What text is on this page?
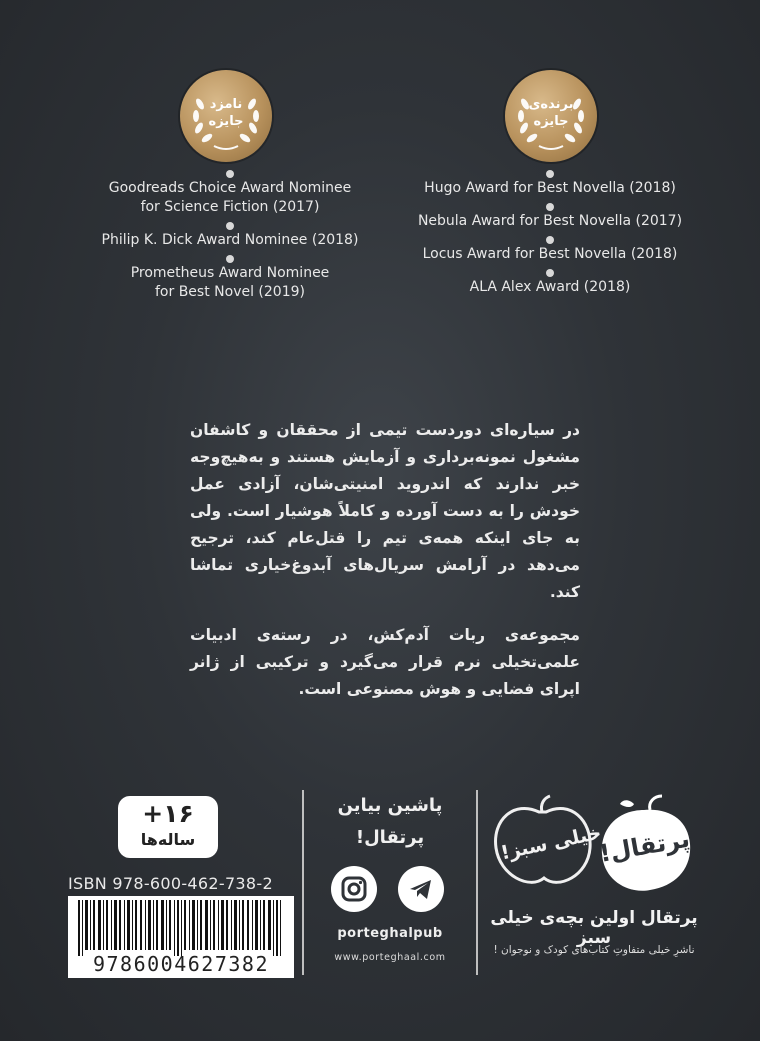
نامزد
جایزه
برنده‌ی
جایزه
Goodreads Choice Award Nominee
for Science Fiction (2017)
Philip K. Dick Award Nominee (2018)
Prometheus Award Nominee
for Best Novel (2019)
Hugo Award for Best Novella (2018)
Nebula Award for Best Novella (2017)
Locus Award for Best Novella (2018)
ALA Alex Award (2018)
در سیاره‌ای دوردست تیمی از محققان و کاشفان مشغول نمونه‌برداری و آزمایش هستند و به‌هیچ‌وجه خبر ندارند که اندروید امنیتی‌شان، آزادی عمل خودش را به دست آورده و کاملاً هوشیار است. ولی به جای اینکه همه‌ی تیم را قتل‌عام کند، ترجیح می‌دهد در آرامش سریال‌های آبدوغ‌خیاری تماشا کند.
مجموعه‌ی ربات آدم‌کش، در رسته‌ی ادبیات علمی‌تخیلی نرم قرار می‌گیرد و ترکیبی از ژانر اپرای فضایی و هوش مصنوعی است.
+۱۶
ساله‌ها
ISBN 978-600-462-738-2
9786004627382
پاشین بیاین
پرتقال!
porteghalpub
www.porteghaal.com
خیلی سبز!
پرتقال!
پرتقال اولین بچه‌ی خیلی سبز
ناشرِ خیلی متفاوتِ کتاب‌های کودک و نوجوان !
